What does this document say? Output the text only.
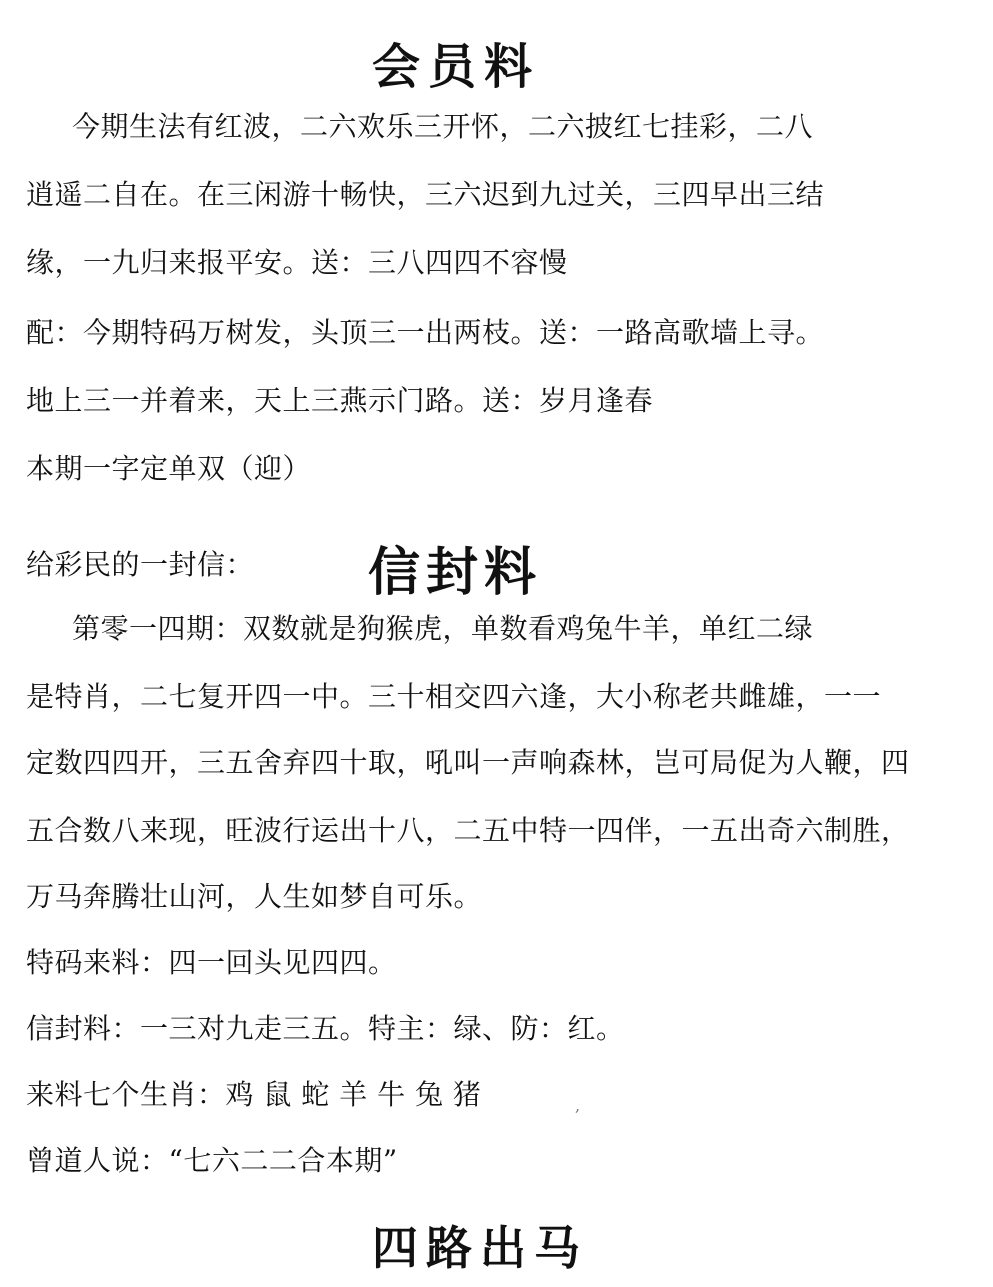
会员料
今期生法有红波，二六欢乐三开怀，二六披红七挂彩，二八
逍遥二自在。在三闲游十畅快，三六迟到九过关，三四早出三结
缘，一九归来报平安。送：三八四四不容慢
配：今期特码万树发，头顶三一出两枝。送：一路高歌墙上寻。
地上三一并着来，天上三燕示门路。送：岁月逢春
本期一字定单双（迎）
给彩民的一封信：	信封料
第零一四期：双数就是狗猴虎，单数看鸡兔牛羊，单红二绿
是特肖，二七复开四一中。三十相交四六逢，大小称老共雌雄，一一
定数四四开，三五舍弃四十取，吼叫一声响森林，岂可局促为人鞭，四
五合数八来现，旺波行运出十八，二五中特一四伴，一五出奇六制胜，
万马奔腾壮山河，人生如梦自可乐。
特码来料：四一回头见四四。
信封料：一三对九走三五。特主：绿、防：红。
来料七个生肖：鸡 鼠 蛇 羊 牛 兔 猪
曾道人说：“七六二二合本期”
,
四路出马
